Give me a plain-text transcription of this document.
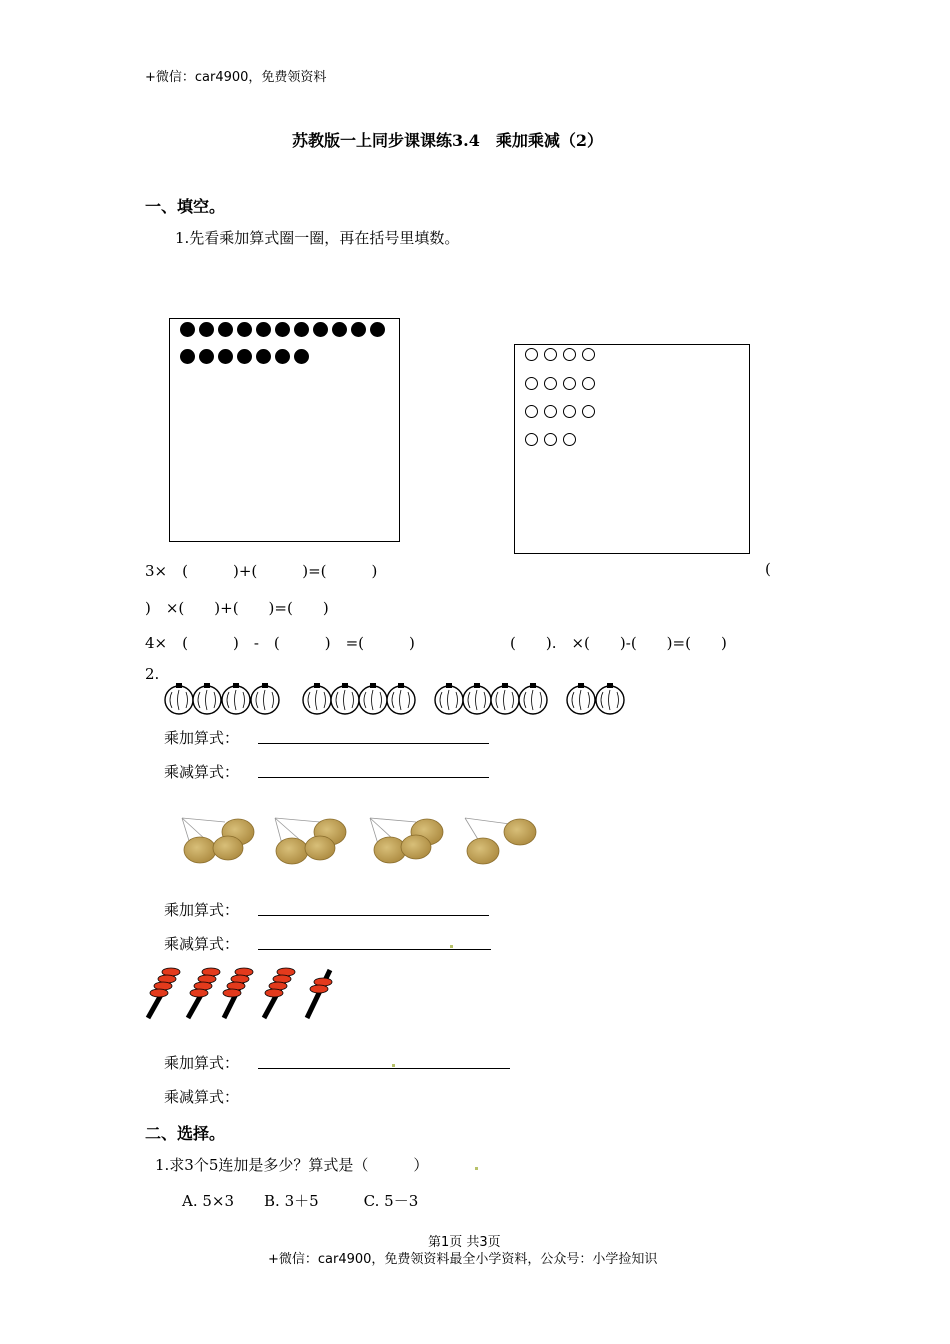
+微信：car4900，免费领资料
苏教版一上同步课课练3.4　乘加乘减（2）
一、填空。
1.先看乘加算式圈一圈，再在括号里填数。
3×　(　　　)+(　　　)=(　　　)	(
)　×(　　)+(　　)=(　　)
4×　(　　　)　-　(　　　)　=(　　　)	(　　).　×(　　)-(　　)=(　　)
2.
乘加算式：
乘减算式：
乘加算式：
乘减算式：
乘加算式：
乘减算式：
二、选择。
1.求3个5连加是多少？算式是（　　　）
A. 5×3　　B. 3＋5　　　C. 5－3
第1页 共3页
+微信：car4900，免费领资料最全小学资料，公众号：小学捡知识
